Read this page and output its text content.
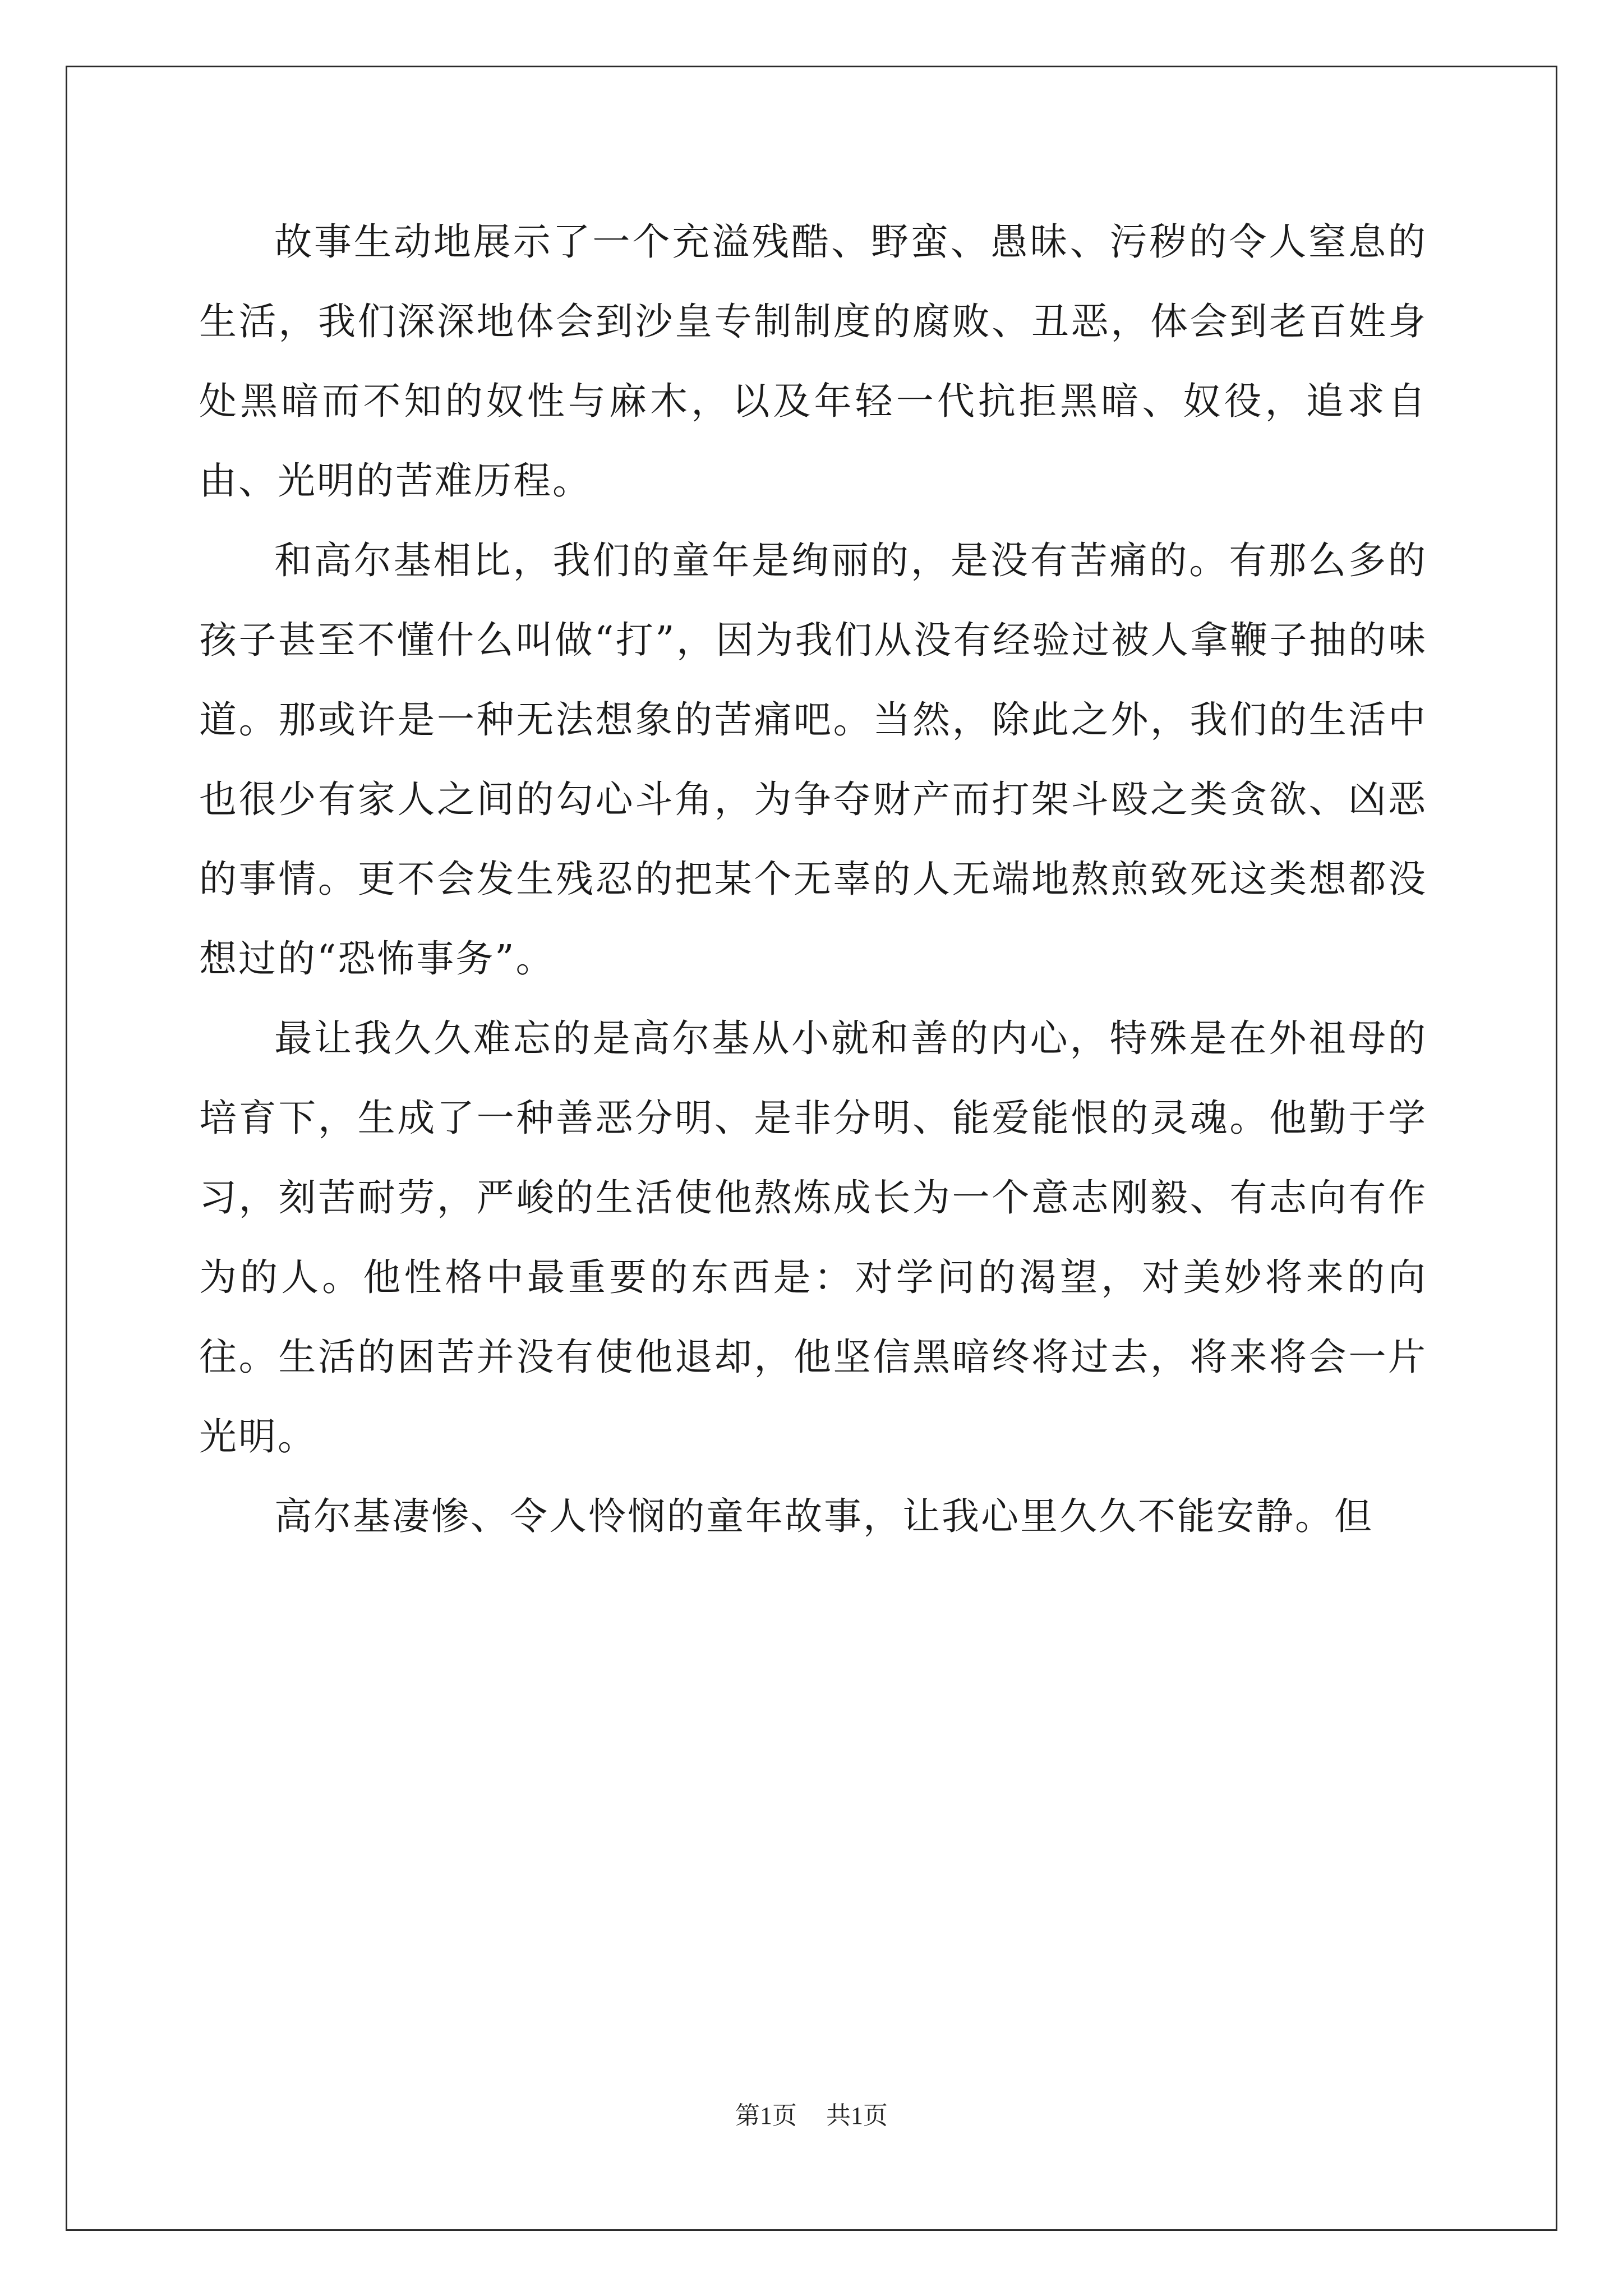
故事生动地展示了一个充溢残酷、野蛮、愚昧、污秽的令人窒息的生活，我们深深地体会到沙皇专制制度的腐败、丑恶，体会到老百姓身处黑暗而不知的奴性与麻木，以及年轻一代抗拒黑暗、奴役，追求自由、光明的苦难历程。

和高尔基相比，我们的童年是绚丽的，是没有苦痛的。有那么多的孩子甚至不懂什么叫做“打”，因为我们从没有经验过被人拿鞭子抽的味道。那或许是一种无法想象的苦痛吧。当然，除此之外，我们的生活中也很少有家人之间的勾心斗角，为争夺财产而打架斗殴之类贪欲、凶恶的事情。更不会发生残忍的把某个无辜的人无端地熬煎致死这类想都没想过的“恐怖事务”。

最让我久久难忘的是高尔基从小就和善的内心，特殊是在外祖母的培育下，生成了一种善恶分明、是非分明、能爱能恨的灵魂。他勤于学习，刻苦耐劳，严峻的生活使他熬炼成长为一个意志刚毅、有志向有作为的人。他性格中最重要的东西是：对学问的渴望，对美妙将来的向往。生活的困苦并没有使他退却，他坚信黑暗终将过去，将来将会一片光明。

高尔基凄惨、令人怜悯的童年故事，让我心里久久不能安静。但

第1页 共1页
